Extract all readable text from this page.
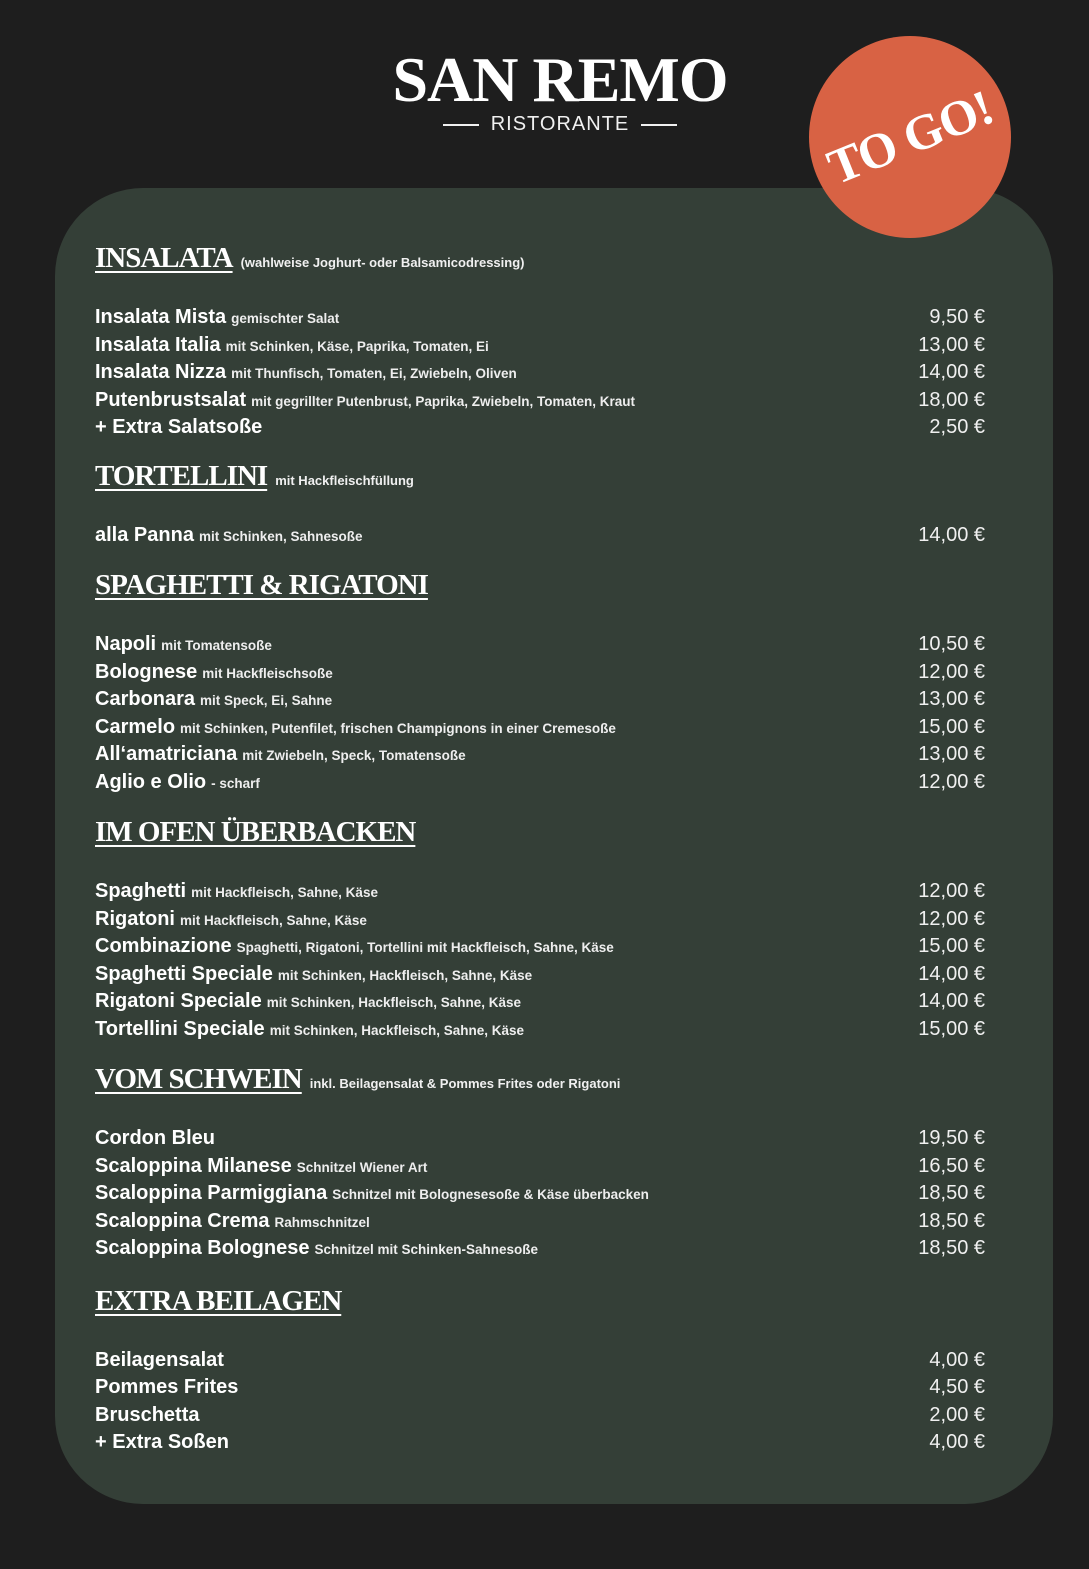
SAN REMO
RISTORANTE	TO GO!
INSALATA (wahlweise Joghurt- oder Balsamicodressing)
Insalata Mista gemischter Salat	9,50 €
Insalata Italia mit Schinken, Käse, Paprika, Tomaten, Ei	13,00 €
Insalata Nizza mit Thunfisch, Tomaten, Ei, Zwiebeln, Oliven	14,00 €
Putenbrustsalat mit gegrillter Putenbrust, Paprika, Zwiebeln, Tomaten, Kraut	18,00 €
+ Extra Salatsoße	2,50 €
TORTELLINI mit Hackfleischfüllung
alla Panna mit Schinken, Sahnesoße	14,00 €
SPAGHETTI & RIGATONI
Napoli mit Tomatensoße	10,50 €
Bolognese mit Hackfleischsoße	12,00 €
Carbonara mit Speck, Ei, Sahne	13,00 €
Carmelo mit Schinken, Putenfilet, frischen Champignons in einer Cremesoße	15,00 €
All‘amatriciana mit Zwiebeln, Speck, Tomatensoße	13,00 €
Aglio e Olio - scharf	12,00 €
IM OFEN ÜBERBACKEN
Spaghetti mit Hackfleisch, Sahne, Käse	12,00 €
Rigatoni mit Hackfleisch, Sahne, Käse	12,00 €
Combinazione Spaghetti, Rigatoni, Tortellini mit Hackfleisch, Sahne, Käse	15,00 €
Spaghetti Speciale mit Schinken, Hackfleisch, Sahne, Käse	14,00 €
Rigatoni Speciale mit Schinken, Hackfleisch, Sahne, Käse	14,00 €
Tortellini Speciale mit Schinken, Hackfleisch, Sahne, Käse	15,00 €
VOM SCHWEIN inkl. Beilagensalat & Pommes Frites oder Rigatoni
Cordon Bleu	19,50 €
Scaloppina Milanese Schnitzel Wiener Art	16,50 €
Scaloppina Parmiggiana Schnitzel mit Bolognesesoße & Käse überbacken	18,50 €
Scaloppina Crema Rahmschnitzel	18,50 €
Scaloppina Bolognese Schnitzel mit Schinken-Sahnesoße	18,50 €
EXTRA BEILAGEN
Beilagensalat	4,00 €
Pommes Frites	4,50 €
Bruschetta	2,00 €
+ Extra Soßen	4,00 €
